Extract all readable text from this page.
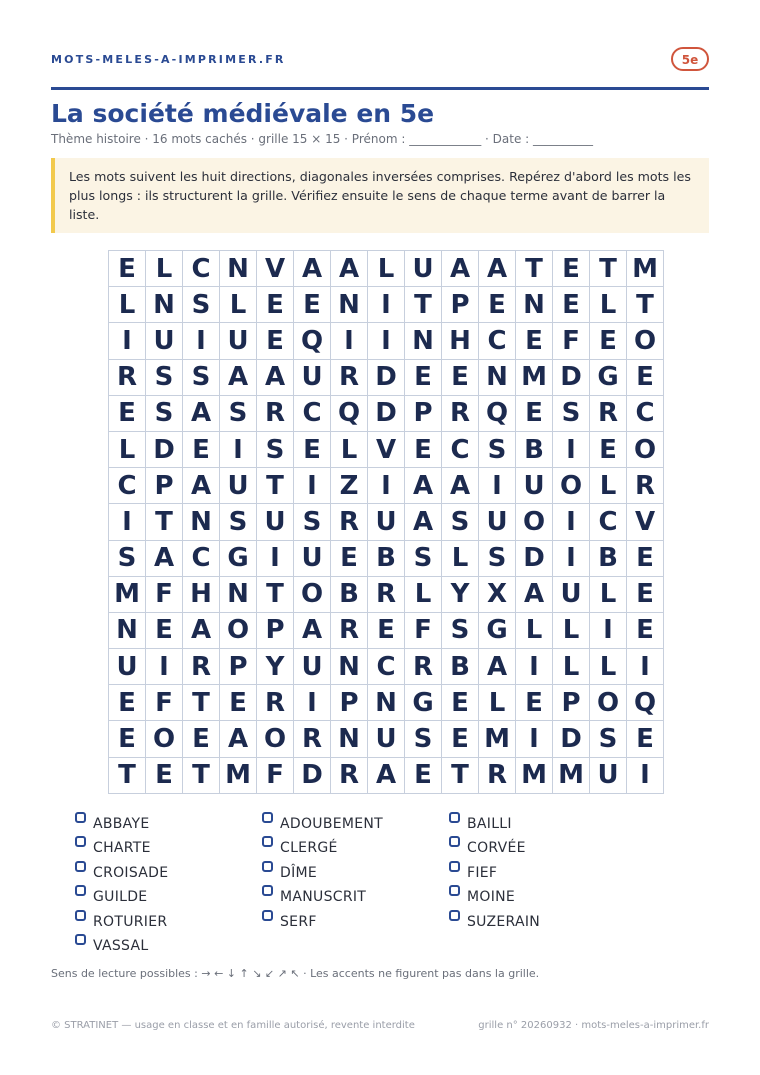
MOTS-MELES-A-IMPRIMER.FR	5e
La société médiévale en 5e
Thème histoire · 16 mots cachés · grille 15 × 15 · Prénom : ____________ · Date : __________
Les mots suivent les huit directions, diagonales inversées comprises. Repérez d'abord les mots les plus longs : ils structurent la grille. Vérifiez ensuite le sens de chaque terme avant de barrer la liste.
E	L	C	N	V	A	A	L	U	A	A	T	E	T	M
L	N	S	L	E	E	N	I	T	P	E	N	E	L	T
I	U	I	U	E	Q	I	I	N	H	C	E	F	E	O
R	S	S	A	A	U	R	D	E	E	N	M	D	G	E
E	S	A	S	R	C	Q	D	P	R	Q	E	S	R	C
L	D	E	I	S	E	L	V	E	C	S	B	I	E	O
C	P	A	U	T	I	Z	I	A	A	I	U	O	L	R
I	T	N	S	U	S	R	U	A	S	U	O	I	C	V
S	A	C	G	I	U	E	B	S	L	S	D	I	B	E
M	F	H	N	T	O	B	R	L	Y	X	A	U	L	E
N	E	A	O	P	A	R	E	F	S	G	L	L	I	E
U	I	R	P	Y	U	N	C	R	B	A	I	L	L	I
E	F	T	E	R	I	P	N	G	E	L	E	P	O	Q
E	O	E	A	O	R	N	U	S	E	M	I	D	S	E
T	E	T	M	F	D	R	A	E	T	R	M	M	U	I
ABBAYE	ADOUBEMENT	BAILLI
CHARTE	CLERGÉ	CORVÉE
CROISADE	DÎME	FIEF
GUILDE	MANUSCRIT	MOINE
ROTURIER	SERF	SUZERAIN
VASSAL
Sens de lecture possibles : → ← ↓ ↑ ↘ ↙ ↗ ↖ · Les accents ne figurent pas dans la grille.
© STRATINET — usage en classe et en famille autorisé, revente interdite	grille n° 20260932 · mots-meles-a-imprimer.fr
